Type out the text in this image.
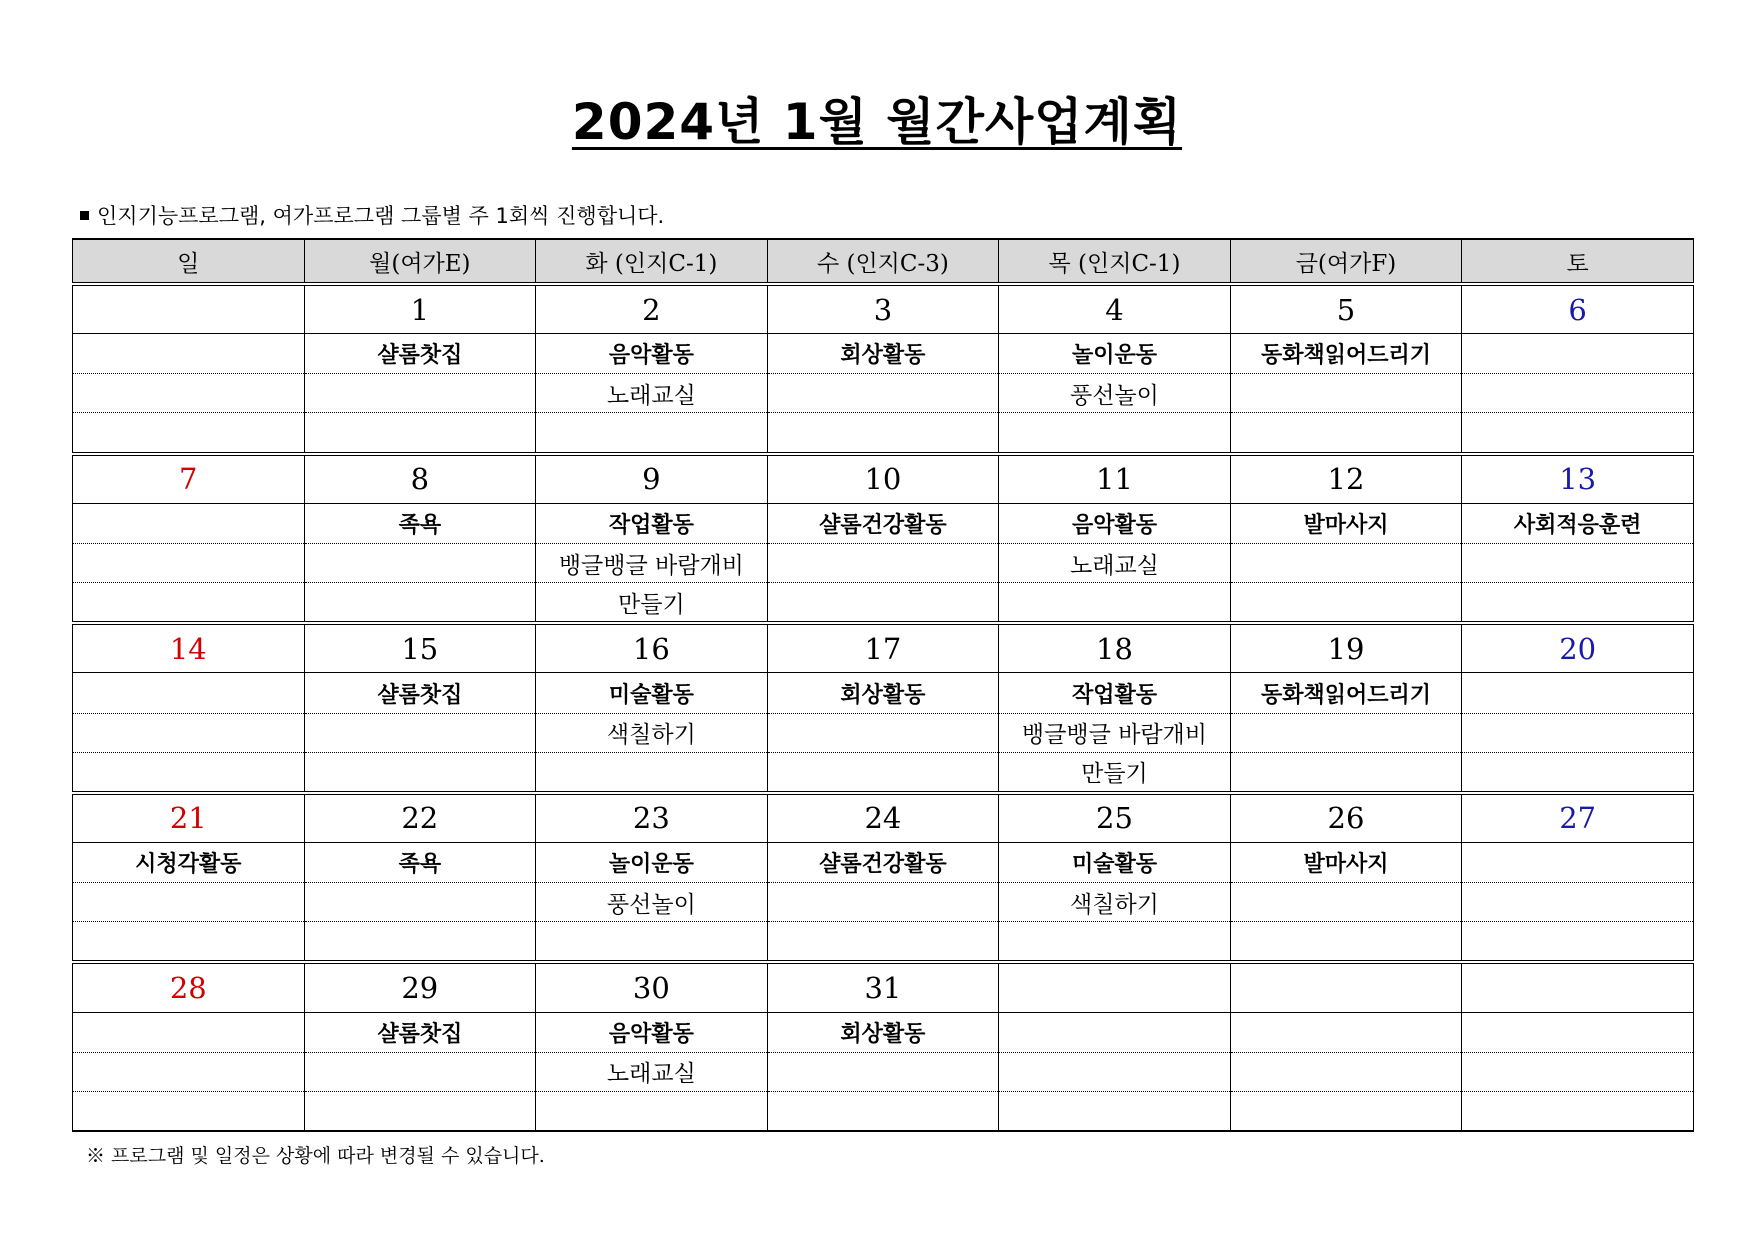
2024년 1월 월간사업계획
인지기능프로그램, 여가프로그램 그룹별 주 1회씩 진행합니다.
일	월(여가E)	화 (인지C-1)	수 (인지C-3)	목 (인지C-1)	금(여가F)	토
	1	2	3	4	5	6
	샬롬찻집	음악활동	회상활동	놀이운동	동화책읽어드리기	
		노래교실		풍선놀이		

7	8	9	10	11	12	13
	족욕	작업활동	샬롬건강활동	음악활동	발마사지	사회적응훈련
		뱅글뱅글 바람개비		노래교실		
		만들기				
14	15	16	17	18	19	20
	샬롬찻집	미술활동	회상활동	작업활동	동화책읽어드리기	
		색칠하기		뱅글뱅글 바람개비		
				만들기		
21	22	23	24	25	26	27
시청각활동	족욕	놀이운동	샬롬건강활동	미술활동	발마사지	
		풍선놀이		색칠하기		

28	29	30	31			
	샬롬찻집	음악활동	회상활동			
		노래교실				

※ 프로그램 및 일정은 상황에 따라 변경될 수 있습니다.
